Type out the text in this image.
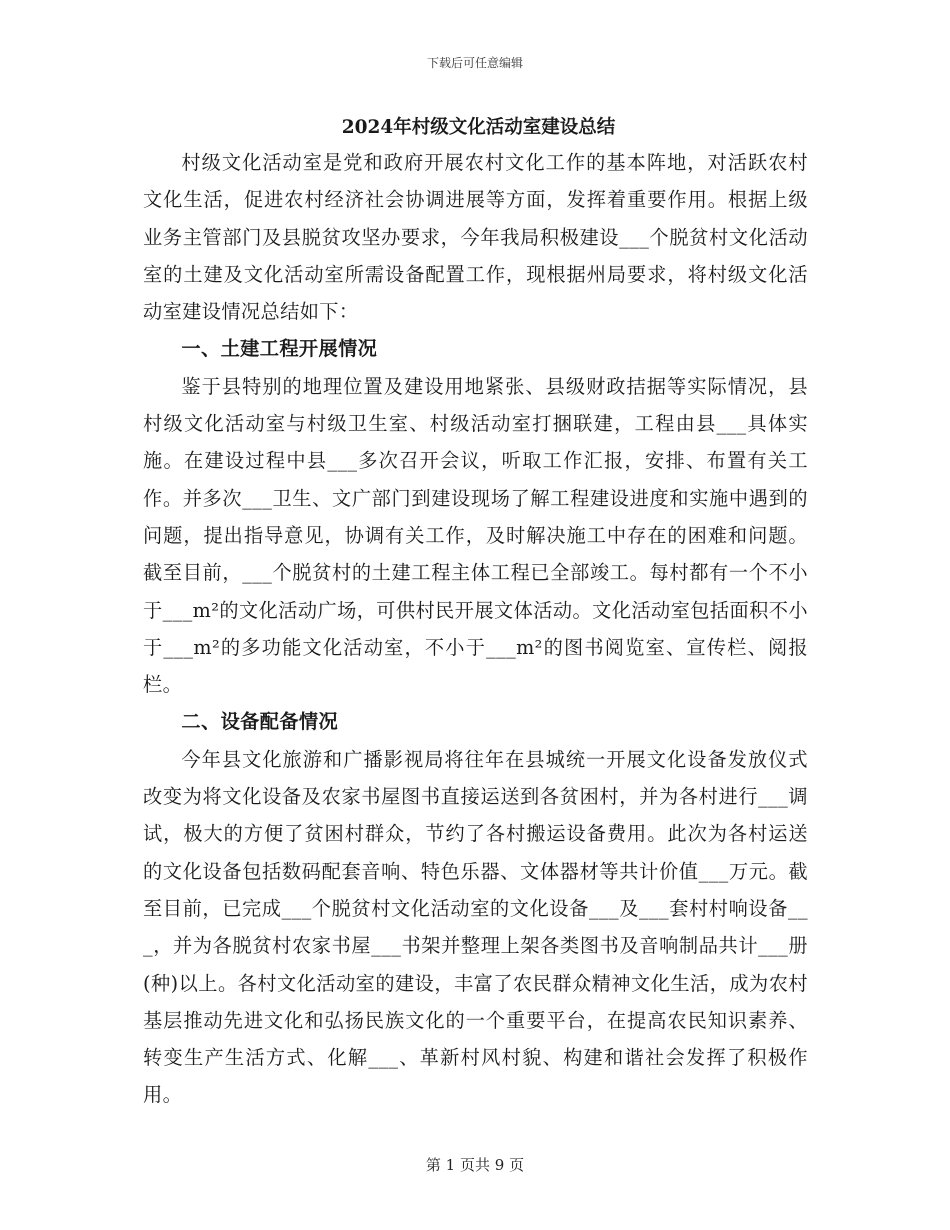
下载后可任意编辑

2024年村级文化活动室建设总结

村级文化活动室是党和政府开展农村文化工作的基本阵地，对活跃农村文化生活，促进农村经济社会协调进展等方面，发挥着重要作用。根据上级业务主管部门及县脱贫攻坚办要求，今年我局积极建设___个脱贫村文化活动室的土建及文化活动室所需设备配置工作，现根据州局要求，将村级文化活动室建设情况总结如下：

一、土建工程开展情况

鉴于县特别的地理位置及建设用地紧张、县级财政拮据等实际情况，县村级文化活动室与村级卫生室、村级活动室打捆联建，工程由县___具体实施。在建设过程中县___多次召开会议，听取工作汇报，安排、布置有关工作。并多次___卫生、文广部门到建设现场了解工程建设进度和实施中遇到的问题，提出指导意见，协调有关工作，及时解决施工中存在的困难和问题。截至目前，___个脱贫村的土建工程主体工程已全部竣工。每村都有一个不小于___m²的文化活动广场，可供村民开展文体活动。文化活动室包括面积不小于___m²的多功能文化活动室，不小于___m²的图书阅览室、宣传栏、阅报栏。

二、设备配备情况

今年县文化旅游和广播影视局将往年在县城统一开展文化设备发放仪式改变为将文化设备及农家书屋图书直接运送到各贫困村，并为各村进行___调试，极大的方便了贫困村群众，节约了各村搬运设备费用。此次为各村运送的文化设备包括数码配套音响、特色乐器、文体器材等共计价值___万元。截至目前，已完成___个脱贫村文化活动室的文化设备___及___套村村响设备___，并为各脱贫村农家书屋___书架并整理上架各类图书及音响制品共计___册(种)以上。各村文化活动室的建设，丰富了农民群众精神文化生活，成为农村基层推动先进文化和弘扬民族文化的一个重要平台，在提高农民知识素养、转变生产生活方式、化解___、革新村风村貌、构建和谐社会发挥了积极作用。

第 1 页共 9 页
